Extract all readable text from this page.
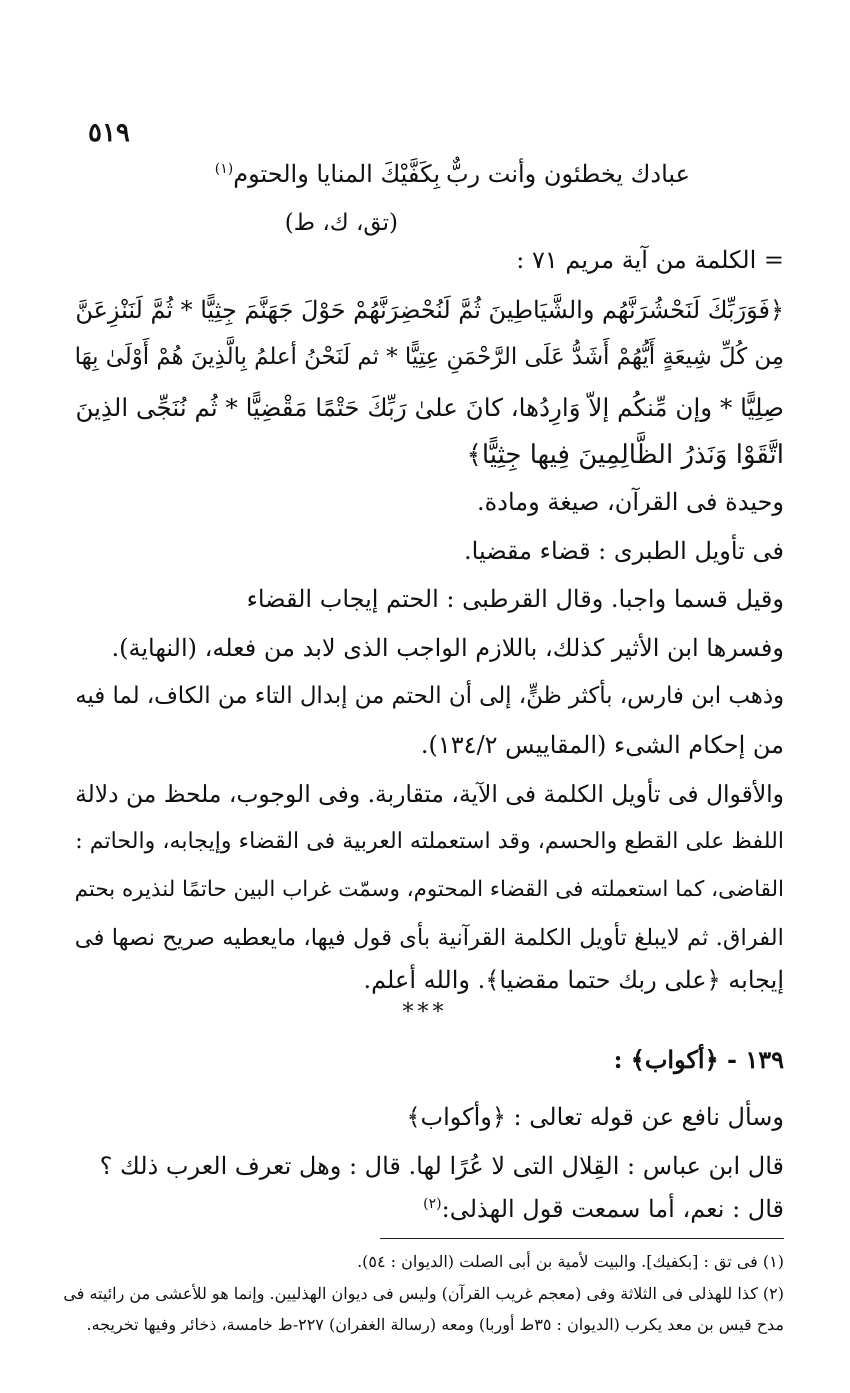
٥١٩
عبادك يخطئون وأنت ربٌّ
بِكَفَّيْكَ المنايا والحتوم$^{(١)}$
(تق، ك، ط)
= الكلمة من آية مريم ٧١ :
﴿فَوَرَبِّكَ لَنَحْشُرَنَّهُم والشَّيَاطِينَ ثُمَّ لَنُحْضِرَنَّهُمْ حَوْلَ جَهَنَّمَ جِثِيًّا * ثُمَّ لَنَنْزِعَنَّ
مِن كُلِّ شِيعَةٍ أَيُّهُمْ أَشَدُّ عَلَى الرَّحْمَنِ عِتِيًّا * ثم لَنَحْنُ أعلمُ بِالَّذِينَ هُمْ أَوْلَىٰ بِهَا
صِلِيًّا * وإن مِّنكُم إلاّ وَارِدُها، كانَ علىٰ رَبِّكَ حَتْمًا مَقْضِيًّا * ثُم نُنَجِّى الذِينَ
اتَّقَوْا وَنَذرُ الظَّالِمِينَ فِيها جِثِيًّا﴾
وحيدة فى القرآن، صيغة ومادة.
فى تأويل الطبرى : قضاء مقضيا.
وقيل قسما واجبا. وقال القرطبى : الحتم إيجاب القضاء
وفسرها ابن الأثير كذلك، باللازم الواجب الذى لابد من فعله، (النهاية).
وذهب ابن فارس، بأكثر ظنٍّ، إلى أن الحتم من إبدال التاء من الكاف، لما فيه
من إحكام الشىء (المقاييس ١٣٤/٢).
والأقوال فى تأويل الكلمة فى الآية، متقاربة. وفى الوجوب، ملحظ من دلالة
اللفظ على القطع والحسم، وقد استعملته العربية فى القضاء وإيجابه، والحاتم :
القاضى، كما استعملته فى القضاء المحتوم، وسمّت غراب البين حاتمًا لنذيره بحتم
الفراق. ثم لايبلغ تأويل الكلمة القرآنية بأى قول فيها، مايعطيه صريح نصها فى
إيجابه ﴿على ربك حتما مقضيا﴾. والله أعلم.
***
١٣٩ - ﴿أكواب﴾ :
وسأل نافع عن قوله تعالى : ﴿وأكواب﴾
قال ابن عباس : القِلال التى لا عُرًا لها. قال : وهل تعرف العرب ذلك ؟
قال : نعم، أما سمعت قول الهذلى:$^{(٢)}$
(١) فى تق : [بكفيك]. والبيت لأمية بن أبى الصلت (الديوان : ٥٤).
(٢) كذا للهذلى فى الثلاثة وفى (معجم غريب القرآن) وليس فى ديوان الهذليين. وإنما هو للأعشى من رائيته فى
مدح قيس بن معد يكرب (الديوان : ٣٥ط أوربا) ومعه (رسالة الغفران) ٢٢٧-ط خامسة، ذخائر وفيها تخريجه.
